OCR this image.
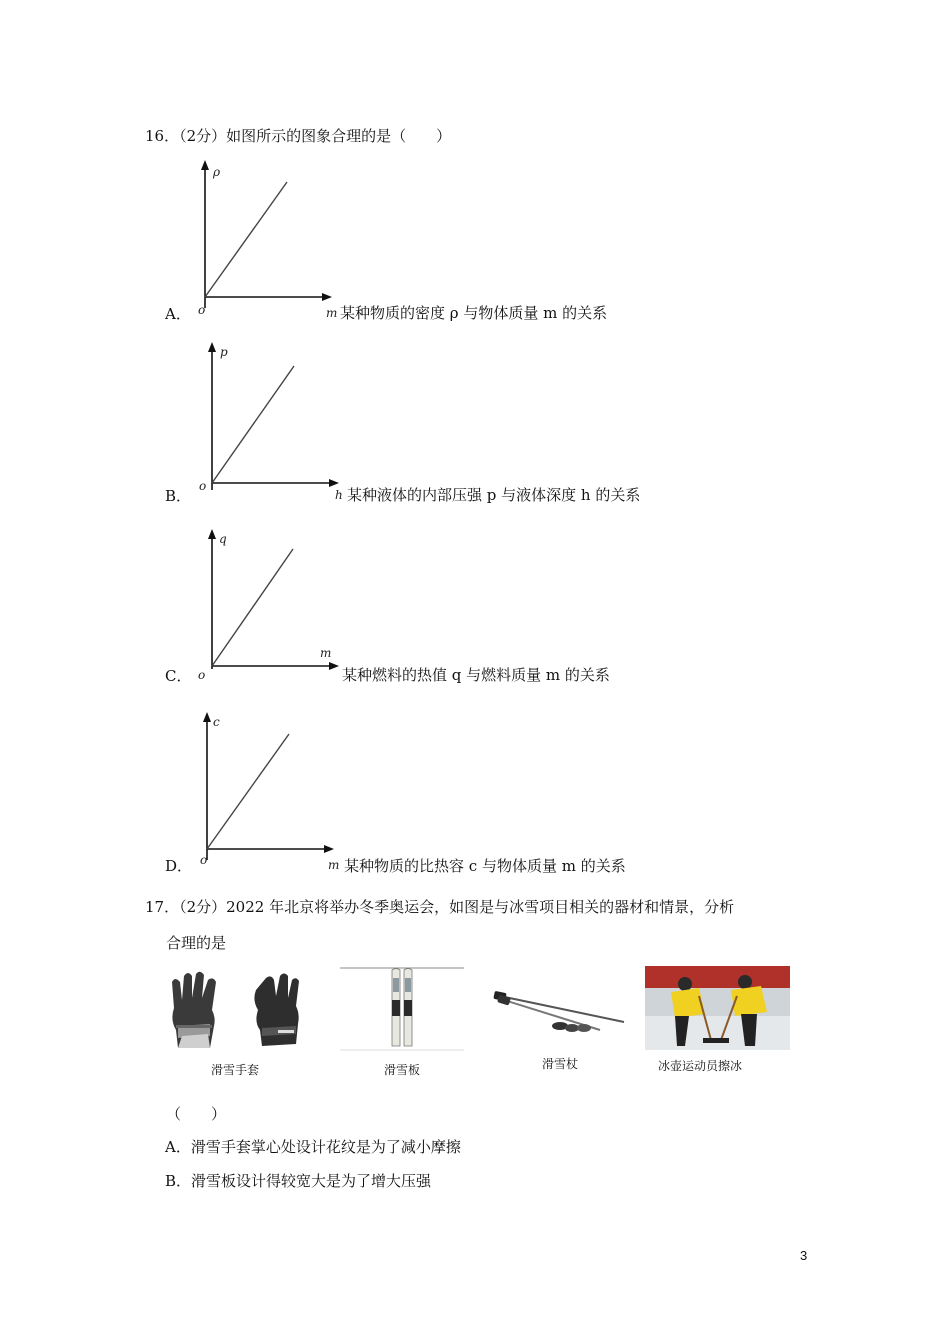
16．（2分）如图所示的图象合理的是（　　）
A．
ρ
o	m 某种物质的密度 ρ 与物体质量 m 的关系
B．
p
o
h 某种液体的内部压强 p 与液体深度 h 的关系
C．
q
o
m
某种燃料的热值 q 与燃料质量 m 的关系
D．
c
o	m 某种物质的比热容 c 与物体质量 m 的关系
17．（2分）2022 年北京将举办冬季奥运会，如图是与冰雪项目相关的器材和情景，分析
合理的是
滑雪手套	滑雪板	滑雪杖	冰壶运动员擦冰
（　　）
A．滑雪手套掌心处设计花纹是为了减小摩擦
B．滑雪板设计得较宽大是为了增大压强
3
